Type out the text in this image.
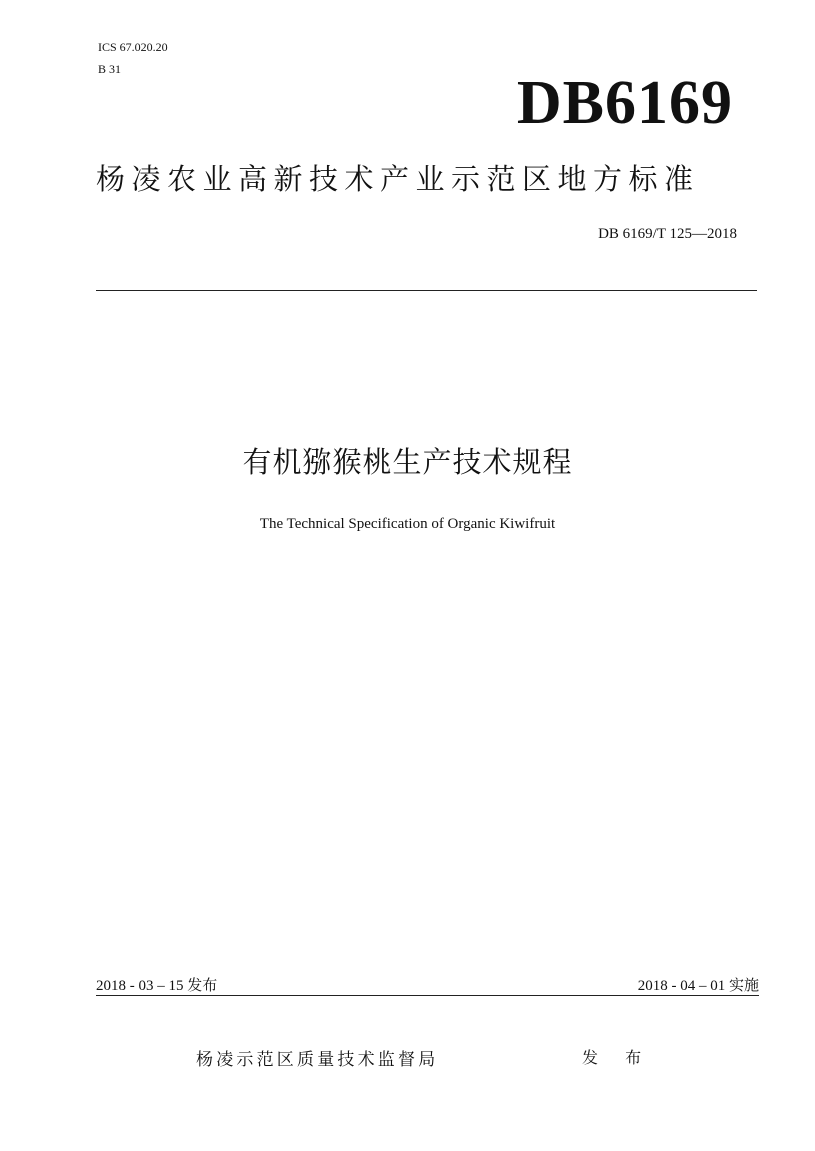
ICS 67.020.20
B 31	DB6169
杨凌农业高新技术产业示范区地方标准
DB 6169/T 125—2018
有机猕猴桃生产技术规程
The Technical Specification of Organic Kiwifruit
2018 - 03 – 15 发布	2018 - 04 – 01 实施
杨凌示范区质量技术监督局	发 布
